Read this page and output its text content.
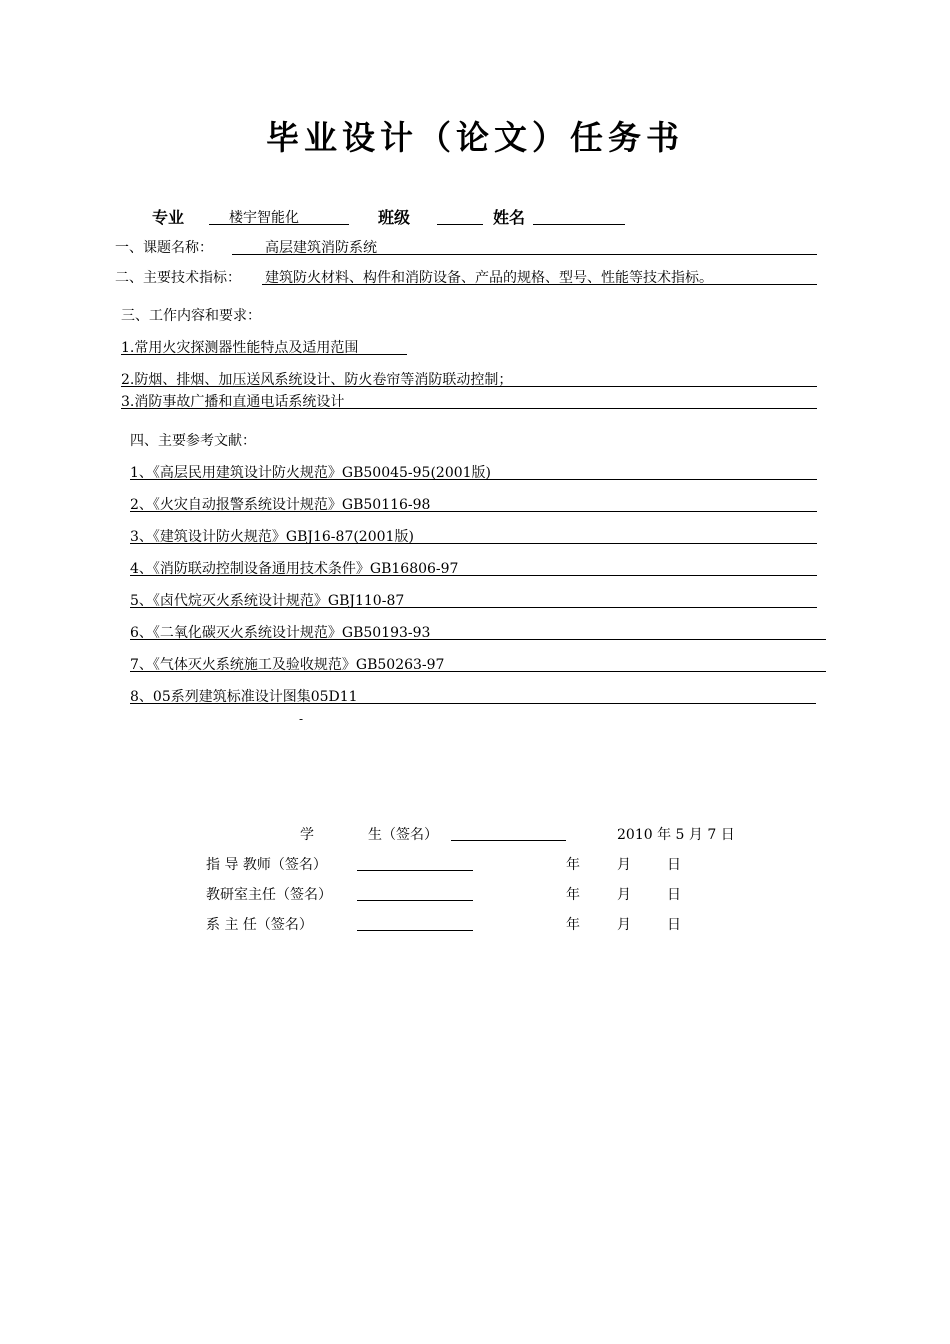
毕业设计（论文）任务书
专业	楼宇智能化	班级	姓名
一、课题名称：	高层建筑消防系统
二、主要技术指标： 建筑防火材料、构件和消防设备、产品的规格、型号、性能等技术指标。
三、工作内容和要求：
1.常用火灾探测器性能特点及适用范围
2.防烟、排烟、加压送风系统设计、防火卷帘等消防联动控制；
3.消防事故广播和直通电话系统设计
四、主要参考文献：
1、《高层民用建筑设计防火规范》GB50045-95(2001版)
2、《火灾自动报警系统设计规范》GB50116-98
3、《建筑设计防火规范》GBJ16-87(2001版)
4、《消防联动控制设备通用技术条件》GB16806-97
5、《卤代烷灭火系统设计规范》GBJ110-87
6、《二氧化碳灭火系统设计规范》GB50193-93
7、《气体灭火系统施工及验收规范》GB50263-97
8、05系列建筑标准设计图集05D11
-
学	生（签名）	2010 年 5 月 7 日
指 导 教师（签名）	年	月	日
教研室主任（签名）	年	月	日
系 主 任（签名）	年	月	日
